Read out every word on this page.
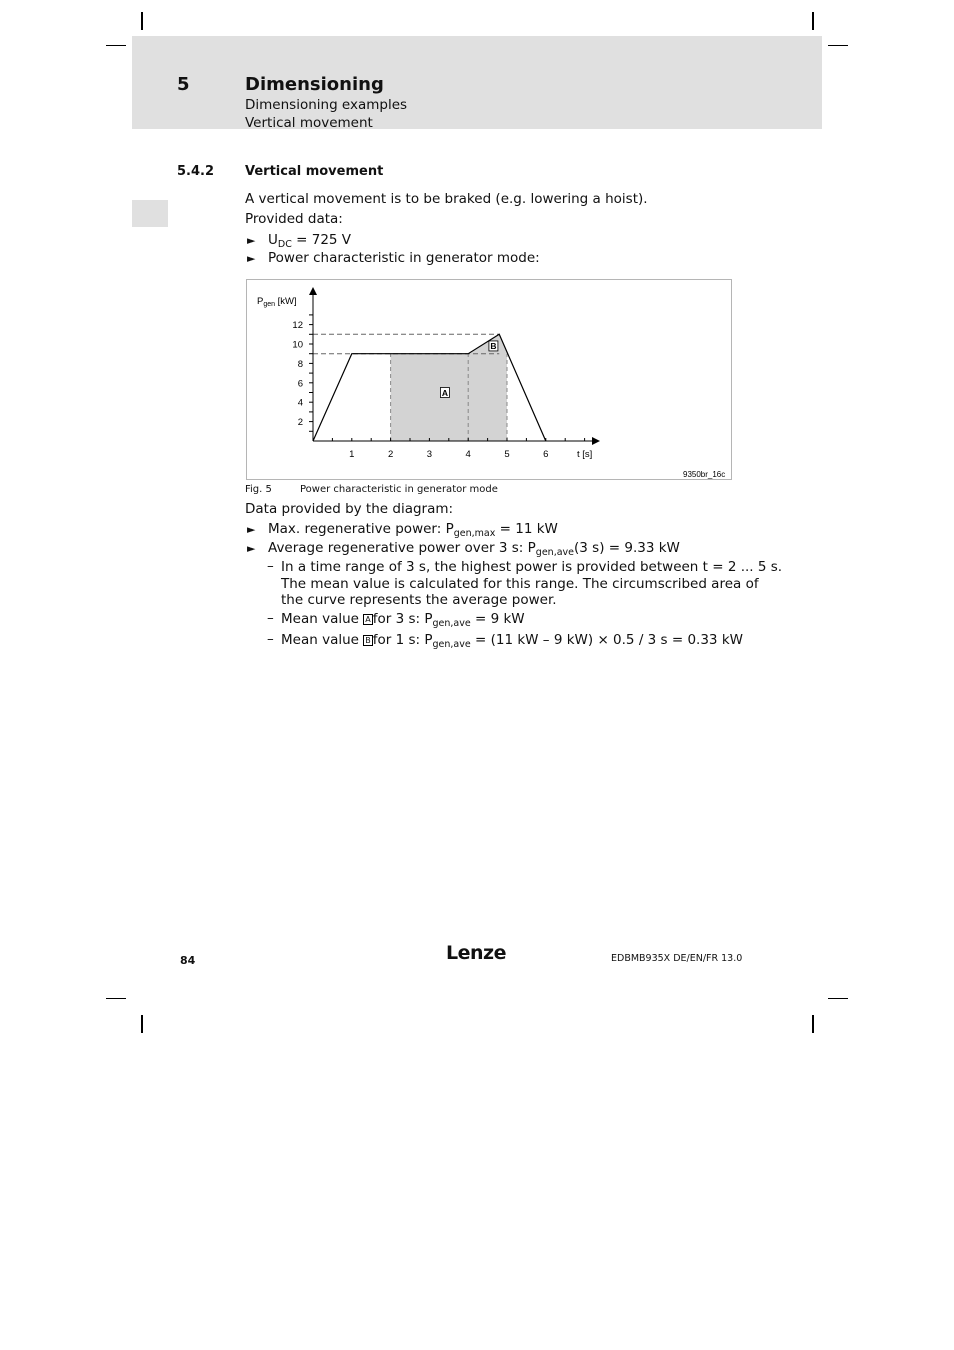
5	Dimensioning
Dimensioning examples
Vertical movement
5.4.2 Vertical movement
A vertical movement is to be braked (e.g. lowering a hoist).
Provided data:
► $U_{DC} = 725$ V
► Power characteristic in generator mode:
1	2	3	4	5	6
2
4
6
8
10
12
A
B
$P_{gen}$ [kW]
t [s]
9350br_16c
Fig. 5	Power characteristic in generator mode
Data provided by the diagram:
► Max. regenerative power: $P_{gen,max} = 11$ kW
► Average regenerative power over 3 s: $P_{gen,ave}(3$ s) = 9.33 kW
– In a time range of 3 s, the highest power is provided between t = 2 ... 5 s.
The mean value is calculated for this range. The circumscribed area of
the curve represents the average power.
– Mean value A for 3 s: $P_{gen,ave} = 9$ kW
– Mean value B for 1 s: $P_{gen,ave} = (11$ kW – 9 kW) × 0.5 / 3 s = 0.33 kW
84	Lenze	EDBMB935X DE/EN/FR 13.0
